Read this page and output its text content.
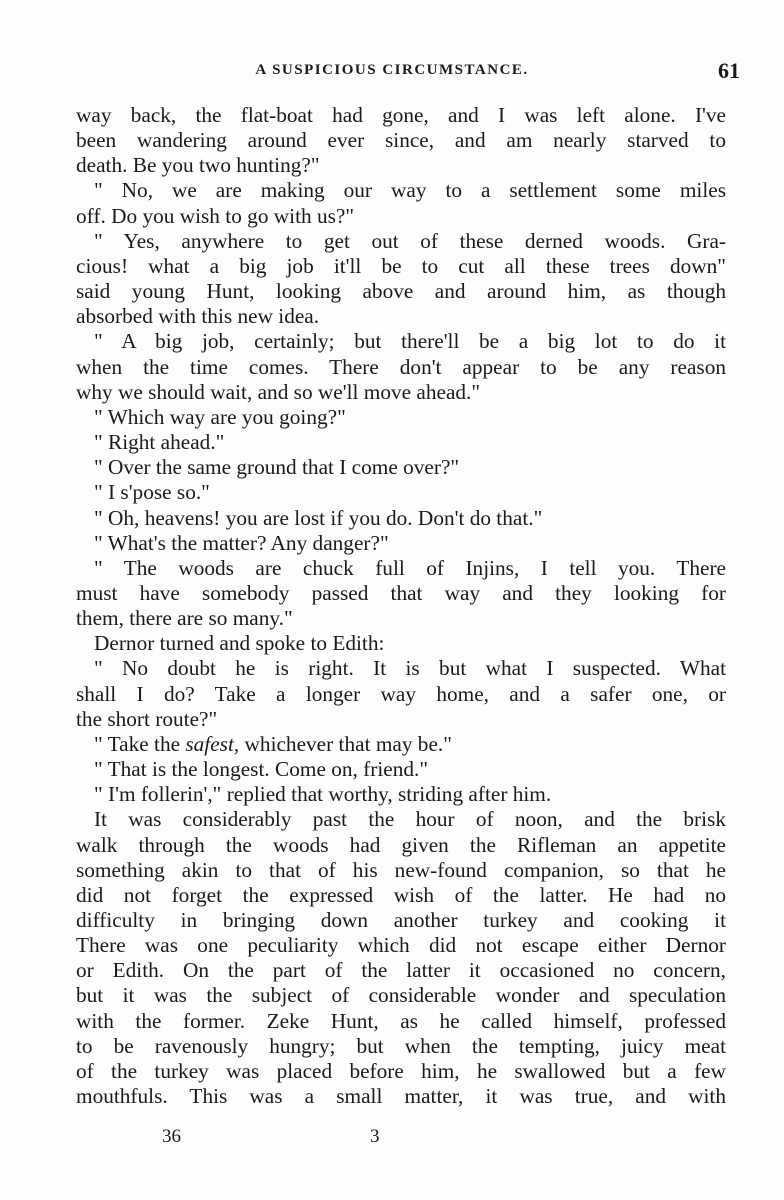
A SUSPICIOUS CIRCUMSTANCE.	61
way back, the flat-boat had gone, and I was left alone. I've
been wandering around ever since, and am nearly starved to
death. Be you two hunting?"
" No, we are making our way to a settlement some miles
off. Do you wish to go with us?"
" Yes, anywhere to get out of these derned woods. Gra-
cious! what a big job it'll be to cut all these trees down"
said young Hunt, looking above and around him, as though
absorbed with this new idea.
" A big job, certainly; but there'll be a big lot to do it
when the time comes. There don't appear to be any reason
why we should wait, and so we'll move ahead."
" Which way are you going?"
" Right ahead."
" Over the same ground that I come over?"
" I s'pose so."
" Oh, heavens! you are lost if you do. Don't do that."
" What's the matter? Any danger?"
" The woods are chuck full of Injins, I tell you. There
must have somebody passed that way and they looking for
them, there are so many."
Dernor turned and spoke to Edith:
" No doubt he is right. It is but what I suspected. What
shall I do? Take a longer way home, and a safer one, or
the short route?"
" Take the safest, whichever that may be."
" That is the longest. Come on, friend."
" I'm follerin'," replied that worthy, striding after him.
It was considerably past the hour of noon, and the brisk
walk through the woods had given the Rifleman an appetite
something akin to that of his new-found companion, so that he
did not forget the expressed wish of the latter. He had no
difficulty in bringing down another turkey and cooking it
There was one peculiarity which did not escape either Dernor
or Edith. On the part of the latter it occasioned no concern,
but it was the subject of considerable wonder and speculation
with the former. Zeke Hunt, as he called himself, professed
to be ravenously hungry; but when the tempting, juicy meat
of the turkey was placed before him, he swallowed but a few
mouthfuls. This was a small matter, it was true, and with
36	3
